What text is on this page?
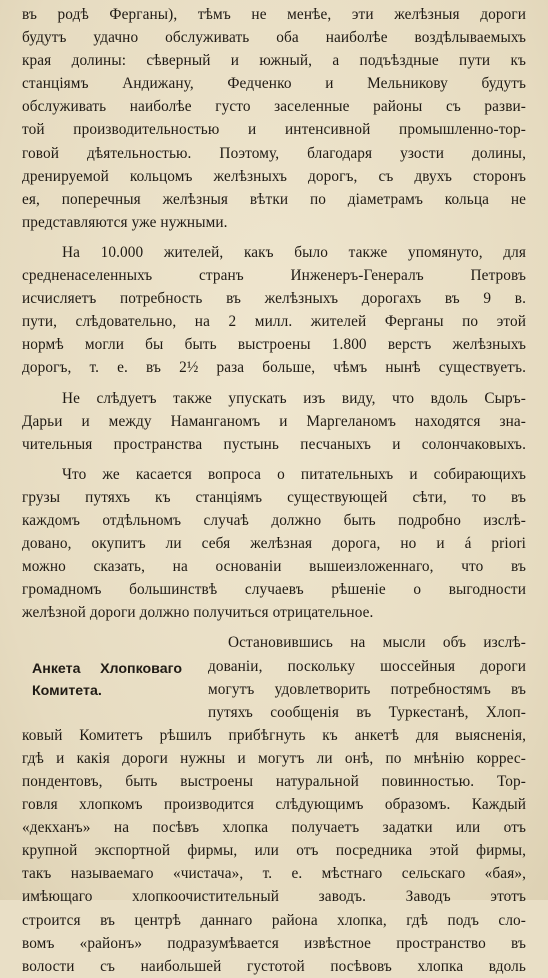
въ родѣ Ферганы), тѣмъ не менѣе, эти желѣзныя дороги
будутъ удачно обслуживать оба наиболѣе воздѣлываемыхъ
края долины: сѣверный и южный, а подъѣздные пути къ
станціямъ Андижану, Федченко и Мельникову будутъ
обслуживать наиболѣе густо заселенные районы съ разви-
той производительностью и интенсивной промышленно-тор-
говой дѣятельностью. Поэтому, благодаря узости долины,
дренируемой кольцомъ желѣзныхъ дорогъ, съ двухъ сторонъ
ея, поперечныя желѣзныя вѣтки по діаметрамъ кольца не
представляются уже нужными.

На 10.000 жителей, какъ было также упомянуто, для
средненаселенныхъ странъ Инженеръ-Генералъ Петровъ
исчисляетъ потребность въ желѣзныхъ дорогахъ въ 9 в.
пути, слѣдовательно, на 2 милл. жителей Ферганы по этой
нормѣ могли бы быть выстроены 1.800 верстъ желѣзныхъ
дорогъ, т. е. въ 2½ раза больше, чѣмъ нынѣ существуетъ.

Не слѣдуетъ также упускать изъ виду, что вдоль Сыръ-
Дарьи и между Наманганомъ и Маргеланомъ находятся зна-
чительныя пространства пустынь песчаныхъ и солончаковыхъ.

Что же касается вопроса о питательныхъ и собирающихъ
грузы путяхъ къ станціямъ существующей сѣти, то въ
каждомъ отдѣльномъ случаѣ должно быть подробно изслѣ-
довано, окупитъ ли себя желѣзная дорога, но и á priori
можно сказать, на основаніи вышеизложеннаго, что въ
громадномъ большинствѣ случаевъ рѣшеніе о выгодности
желѣзной дороги должно получиться отрицательное.

Анкета Хлопковаго
Комитета.
Остановившись на мысли объ изслѣ-
дованіи, поскольку шоссейныя дороги
могутъ удовлетворить потребностямъ въ
путяхъ сообщенія въ Туркестанѣ, Хлоп-
ковый Комитетъ рѣшилъ прибѣгнуть къ анкетѣ для выясненія,
гдѣ и какія дороги нужны и могутъ ли онѣ, по мнѣнію коррес-
пондентовъ, быть выстроены натуральной повинностью. Тор-
говля хлопкомъ производится слѣдующимъ образомъ. Каждый
«декханъ» на посѣвъ хлопка получаетъ задатки или отъ
крупной экспортной фирмы, или отъ посредника этой фирмы,
такъ называемаго «чистача», т. е. мѣстнаго сельскаго «бая»,
имѣющаго хлопкоочистительный заводъ. Заводъ этотъ
строится въ центрѣ даннаго района хлопка, гдѣ подъ сло-
вомъ «районъ» подразумѣвается извѣстное пространство въ
волости съ наибольшей густотой посѣвовъ хлопка вдоль
